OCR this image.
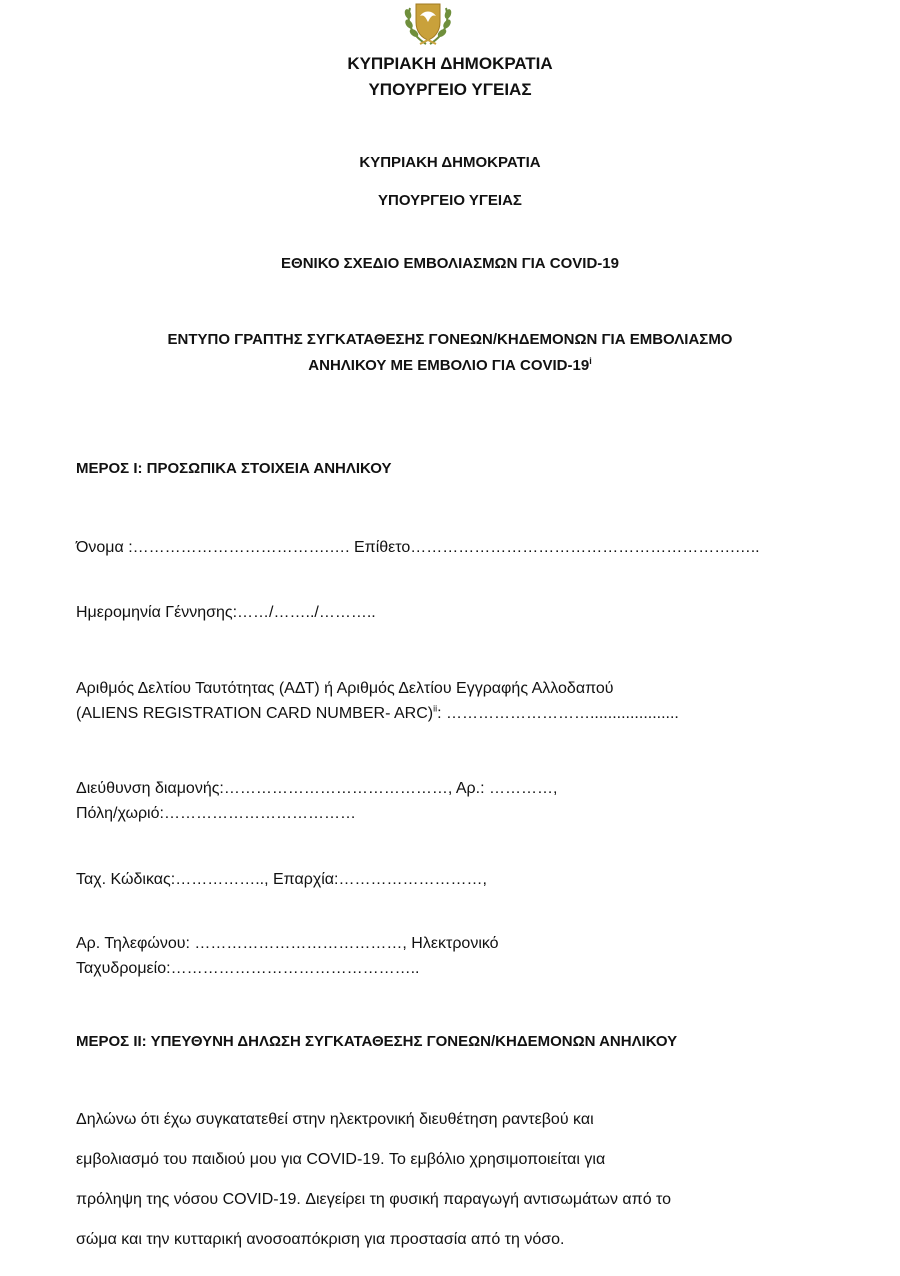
ΚΥΠΡΙΑΚΗ ΔΗΜΟΚΡΑΤΙΑ
ΥΠΟΥΡΓΕΙΟ ΥΓΕΙΑΣ
ΚΥΠΡΙΑΚΗ ΔΗΜΟΚΡΑΤΙΑ
ΥΠΟΥΡΓΕΙΟ ΥΓΕΙΑΣ
ΕΘΝΙΚΟ ΣΧΕΔΙΟ ΕΜΒΟΛΙΑΣΜΩΝ ΓΙΑ COVID-19
ΕΝΤΥΠΟ ΓΡΑΠΤΗΣ ΣΥΓΚΑΤΑΘΕΣΗΣ ΓΟΝΕΩΝ/ΚΗΔΕΜΟΝΩΝ ΓΙΑ ΕΜΒΟΛΙΑΣΜΟ
ΑΝΗΛΙΚΟΥ ΜΕ ΕΜΒΟΛΙΟ ΓΙΑ COVID-19$^i$
ΜΕΡΟΣ Ι: ΠΡΟΣΩΠΙΚΑ ΣΤΟΙΧΕΙΑ ΑΝΗΛΙΚΟΥ
Όνομα :……………………………….…. Επίθετο…………………………………………………….…..
Ημερομηνία Γέννησης:……/……../………..
Αριθμός Δελτίου Ταυτότητας (ΑΔΤ) ή Αριθμός Δελτίου Εγγραφής Αλλοδαπού
(ALIENS REGISTRATION CARD NUMBER- ARC)$^{ii}$: ………………………....................
Διεύθυνση διαμονής:……………………………………, Αρ.: …………,
Πόλη/χωριό:………………………………
Ταχ. Κώδικας:…………….., Επαρχία:………………………,
Αρ. Τηλεφώνου: …………………………………, Ηλεκτρονικό
Ταχυδρομείο:………………………………………..
ΜΕΡΟΣ ΙΙ: ΥΠΕΥΘΥΝΗ ΔΗΛΩΣΗ ΣΥΓΚΑΤΑΘΕΣΗΣ ΓΟΝΕΩΝ/ΚΗΔΕΜΟΝΩΝ ΑΝΗΛΙΚΟΥ
Δηλώνω ότι έχω συγκατατεθεί στην ηλεκτρονική διευθέτηση ραντεβού και
εμβολιασμό του παιδιού μου για COVID-19. Το εμβόλιο χρησιμοποιείται για
πρόληψη της νόσου COVID-19. Διεγείρει τη φυσική παραγωγή αντισωμάτων από το
σώμα και την κυτταρική ανοσοαπόκριση για προστασία από τη νόσο.
